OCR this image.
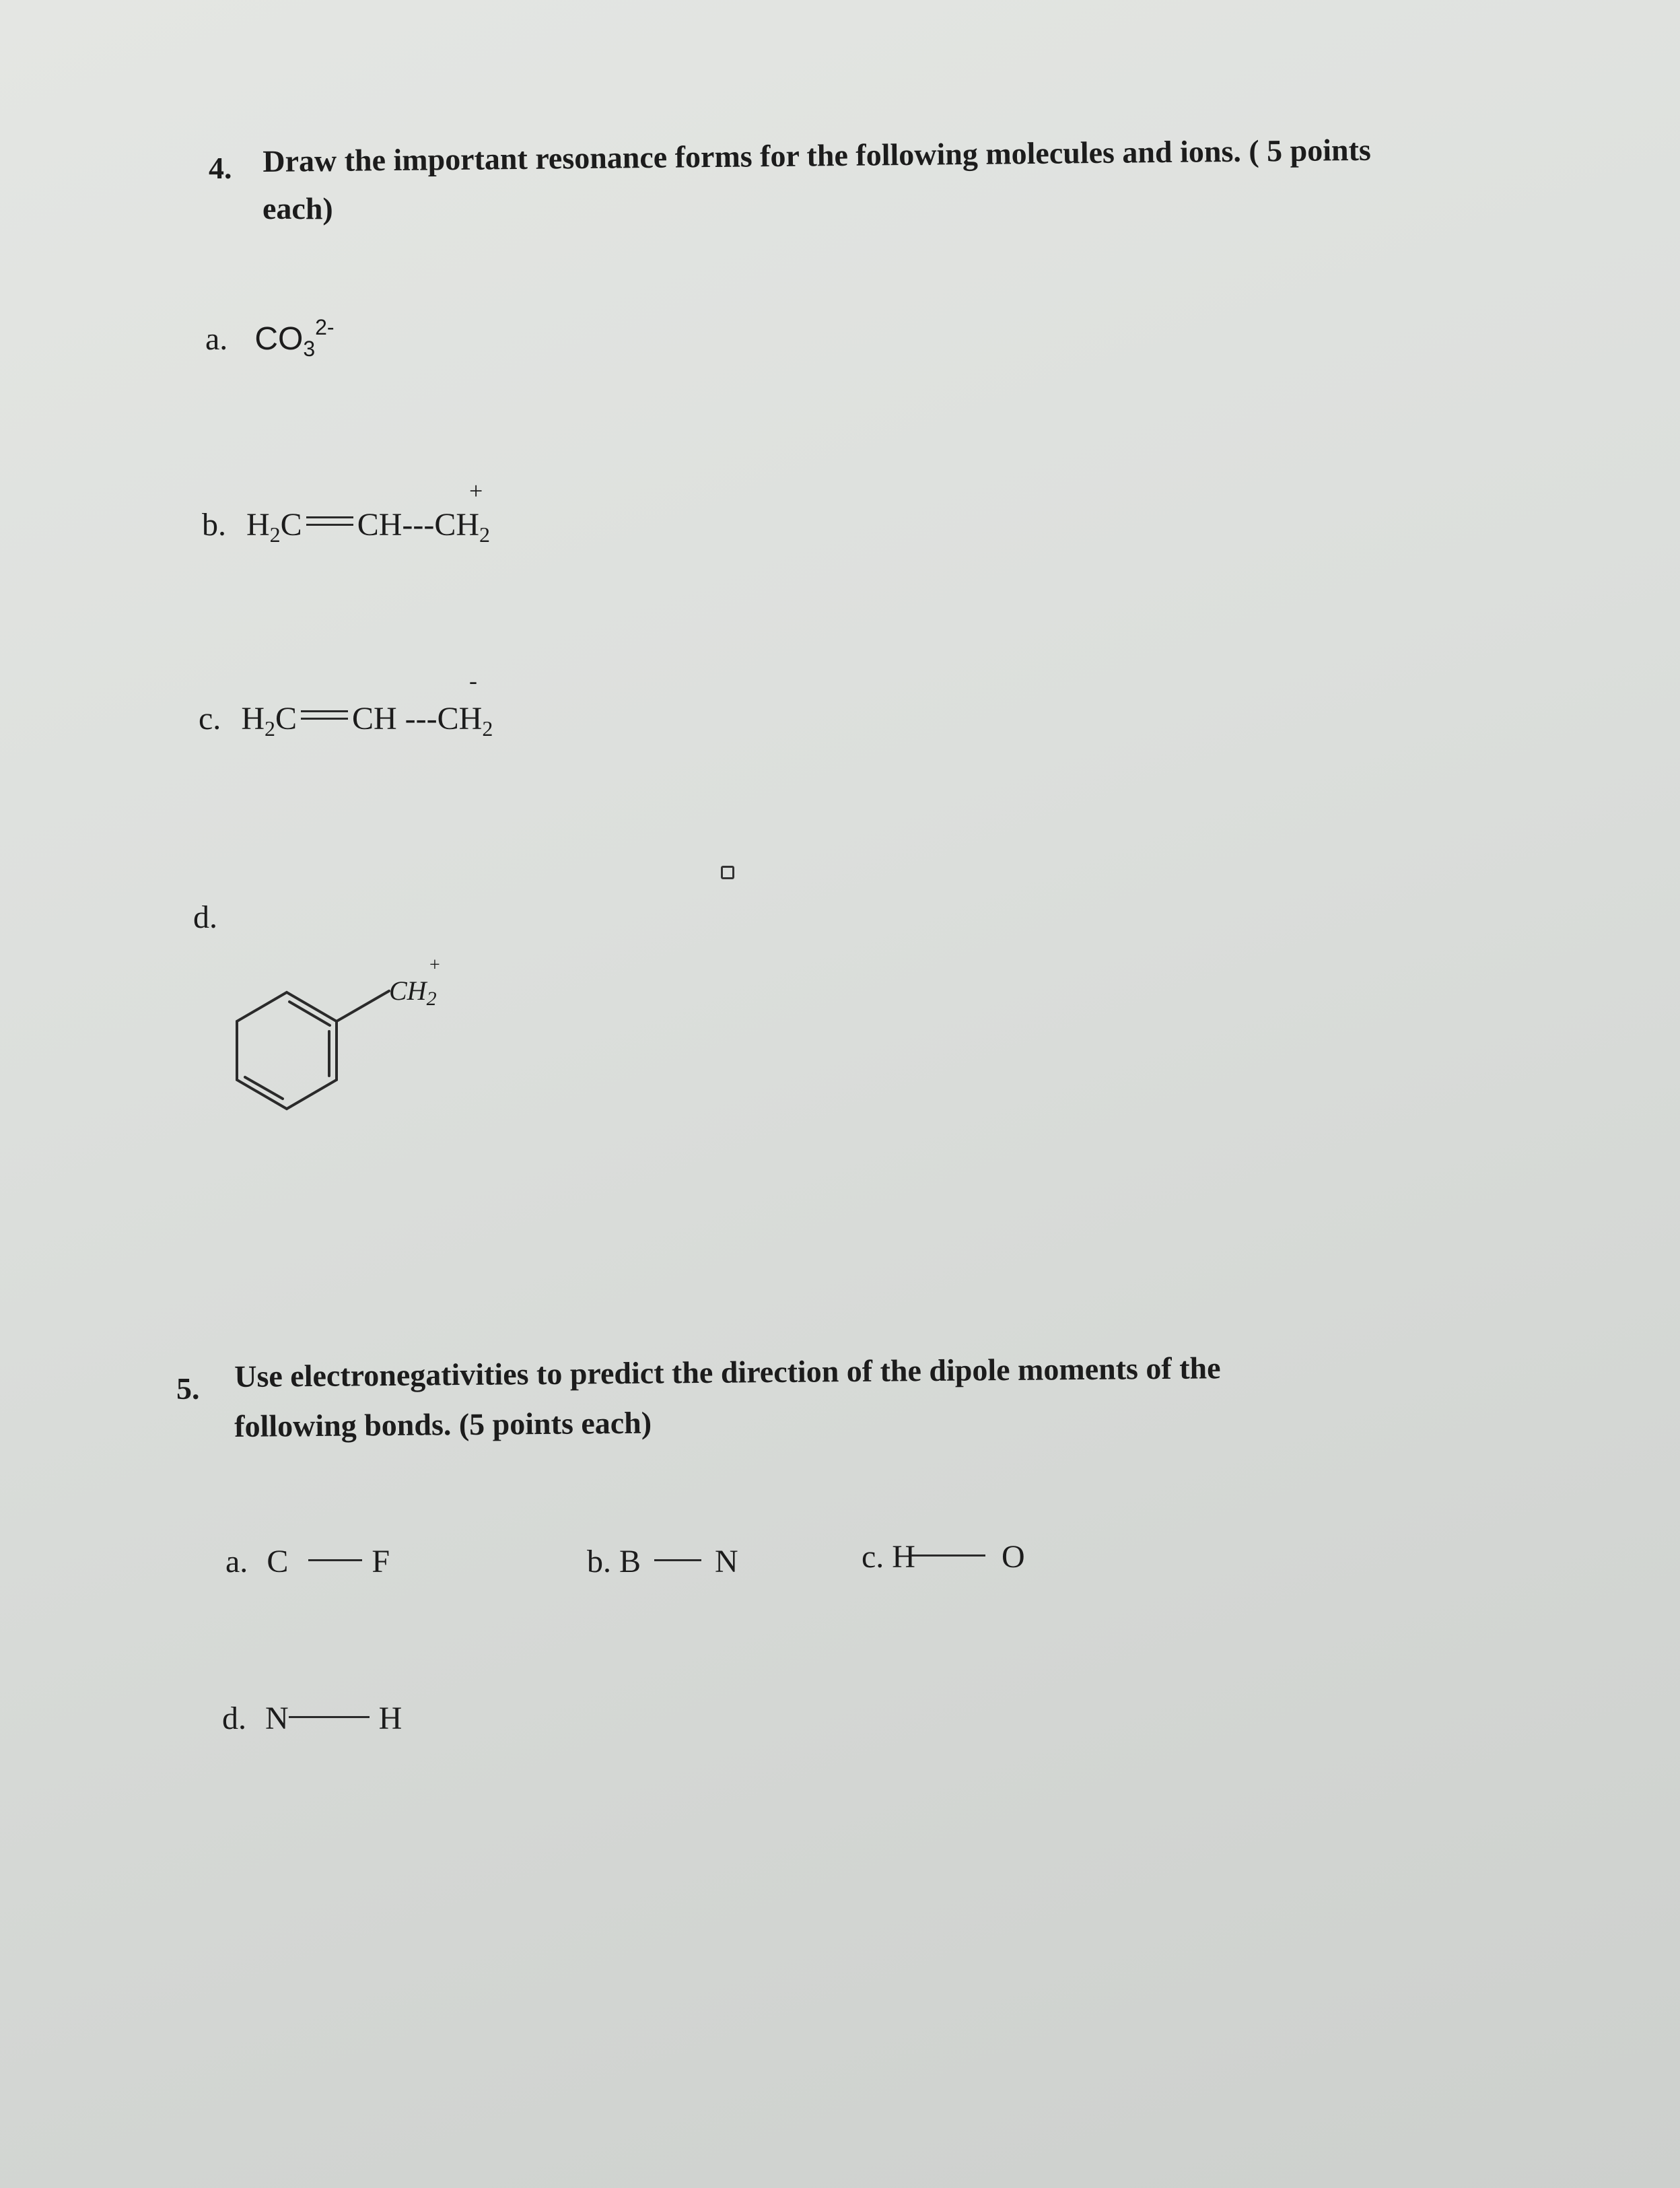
4. Draw the important resonance forms for the following molecules and ions. ( 5 points
each)
a. $CO_3^{2-}$
b. $H_2C$ $CH---CH_2$
+
c. $H_2C$ CH $---CH_2$
-
d.
$CH_2$
+
5. Use electronegativities to predict the direction of the dipole moments of the
following bonds. (5 points each)
a. C	F	b. B N	c. H	O
d. N	H
